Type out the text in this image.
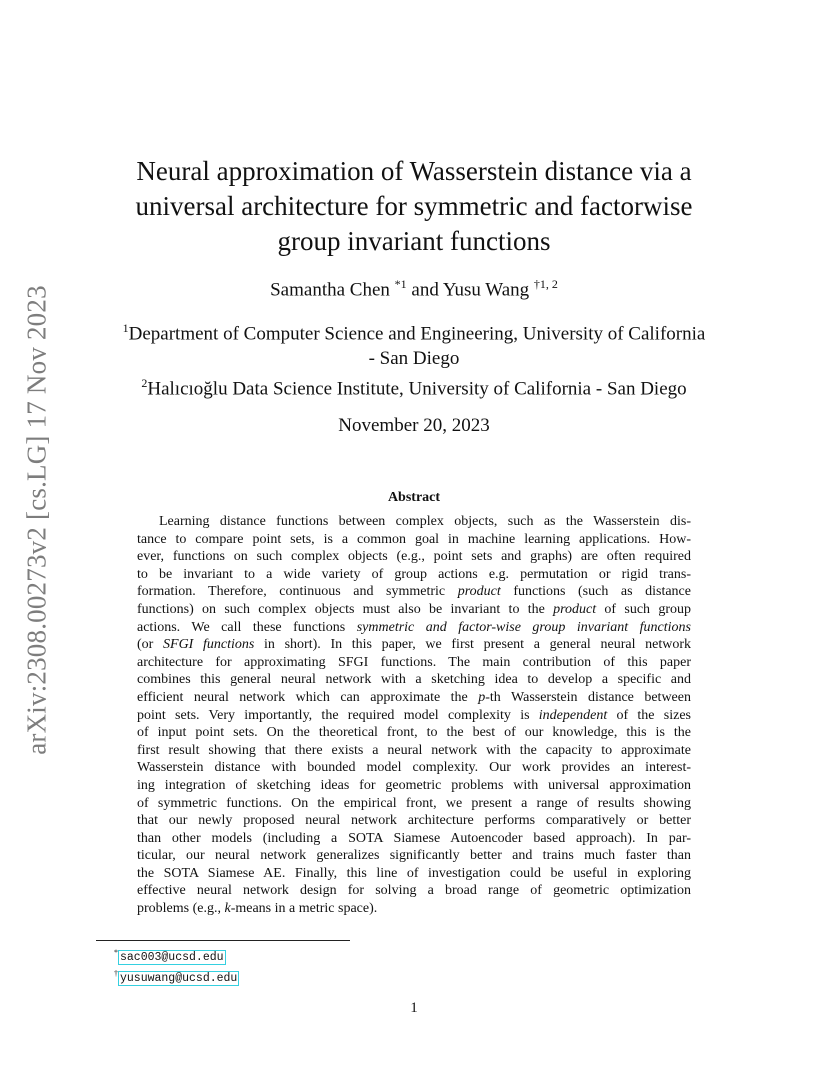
arXiv:2308.00273v2 [cs.LG] 17 Nov 2023
Neural approximation of Wasserstein distance via a
universal architecture for symmetric and factorwise
group invariant functions
Samantha Chen $^{*1}$ and Yusu Wang $^{\dagger 1, 2}$
$^1$Department of Computer Science and Engineering, University of California
- San Diego
$^2$Halıcıoğlu Data Science Institute, University of California - San Diego
November 20, 2023
Abstract
Learning distance functions between complex objects, such as the Wasserstein dis-
tance to compare point sets, is a common goal in machine learning applications. How-
ever, functions on such complex objects (e.g., point sets and graphs) are often required
to be invariant to a wide variety of group actions e.g. permutation or rigid trans-
formation. Therefore, continuous and symmetric product functions (such as distance
functions) on such complex objects must also be invariant to the product of such group
actions. We call these functions symmetric and factor-wise group invariant functions
(or SFGI functions in short). In this paper, we first present a general neural network
architecture for approximating SFGI functions. The main contribution of this paper
combines this general neural network with a sketching idea to develop a specific and
efficient neural network which can approximate the p-th Wasserstein distance between
point sets. Very importantly, the required model complexity is independent of the sizes
of input point sets. On the theoretical front, to the best of our knowledge, this is the
first result showing that there exists a neural network with the capacity to approximate
Wasserstein distance with bounded model complexity. Our work provides an interest-
ing integration of sketching ideas for geometric problems with universal approximation
of symmetric functions. On the empirical front, we present a range of results showing
that our newly proposed neural network architecture performs comparatively or better
than other models (including a SOTA Siamese Autoencoder based approach). In par-
ticular, our neural network generalizes significantly better and trains much faster than
the SOTA Siamese AE. Finally, this line of investigation could be useful in exploring
effective neural network design for solving a broad range of geometric optimization
problems (e.g., k-means in a metric space).
* sac003@ucsd.edu
† yusuwang@ucsd.edu
1
